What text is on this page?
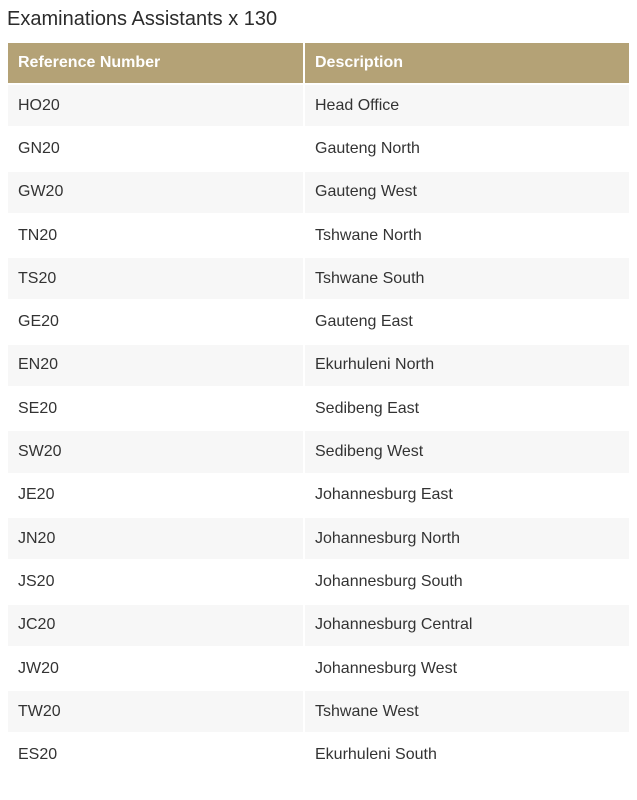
Examinations Assistants x 130
Reference Number	Description
HO20	Head Office
GN20	Gauteng North
GW20	Gauteng West
TN20	Tshwane North
TS20	Tshwane South
GE20	Gauteng East
EN20	Ekurhuleni North
SE20	Sedibeng East
SW20	Sedibeng West
JE20	Johannesburg East
JN20	Johannesburg North
JS20	Johannesburg South
JC20	Johannesburg Central
JW20	Johannesburg West
TW20	Tshwane West
ES20	Ekurhuleni South
